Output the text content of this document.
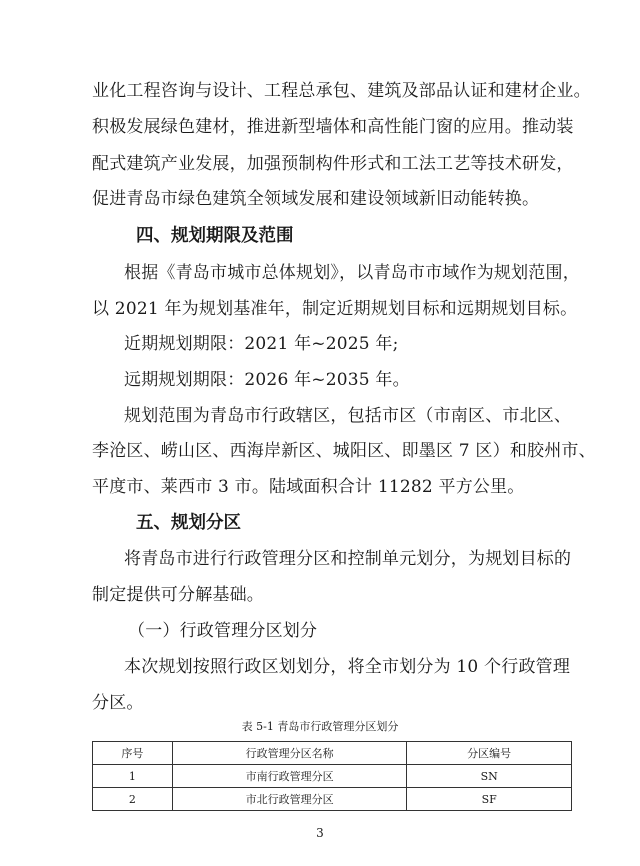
业化工程咨询与设计、工程总承包、建筑及部品认证和建材企业。
积极发展绿色建材，推进新型墙体和高性能门窗的应用。推动装
配式建筑产业发展，加强预制构件形式和工法工艺等技术研发，
促进青岛市绿色建筑全领域发展和建设领域新旧动能转换。
四、规划期限及范围
根据《青岛市城市总体规划》，以青岛市市域作为规划范围，
以 2021 年为规划基准年，制定近期规划目标和远期规划目标。
近期规划期限：2021 年~2025 年;
远期规划期限：2026 年~2035 年。
规划范围为青岛市行政辖区，包括市区（市南区、市北区、
李沧区、崂山区、西海岸新区、城阳区、即墨区 7 区）和胶州市、
平度市、莱西市 3 市。陆域面积合计 11282 平方公里。
五、规划分区
将青岛市进行行政管理分区和控制单元划分，为规划目标的
制定提供可分解基础。
（一）行政管理分区划分
本次规划按照行政区划划分，将全市划分为 10 个行政管理
分区。
表 5-1 青岛市行政管理分区划分
序号	行政管理分区名称	分区编号
1	市南行政管理分区	SN
2	市北行政管理分区	SF
3
